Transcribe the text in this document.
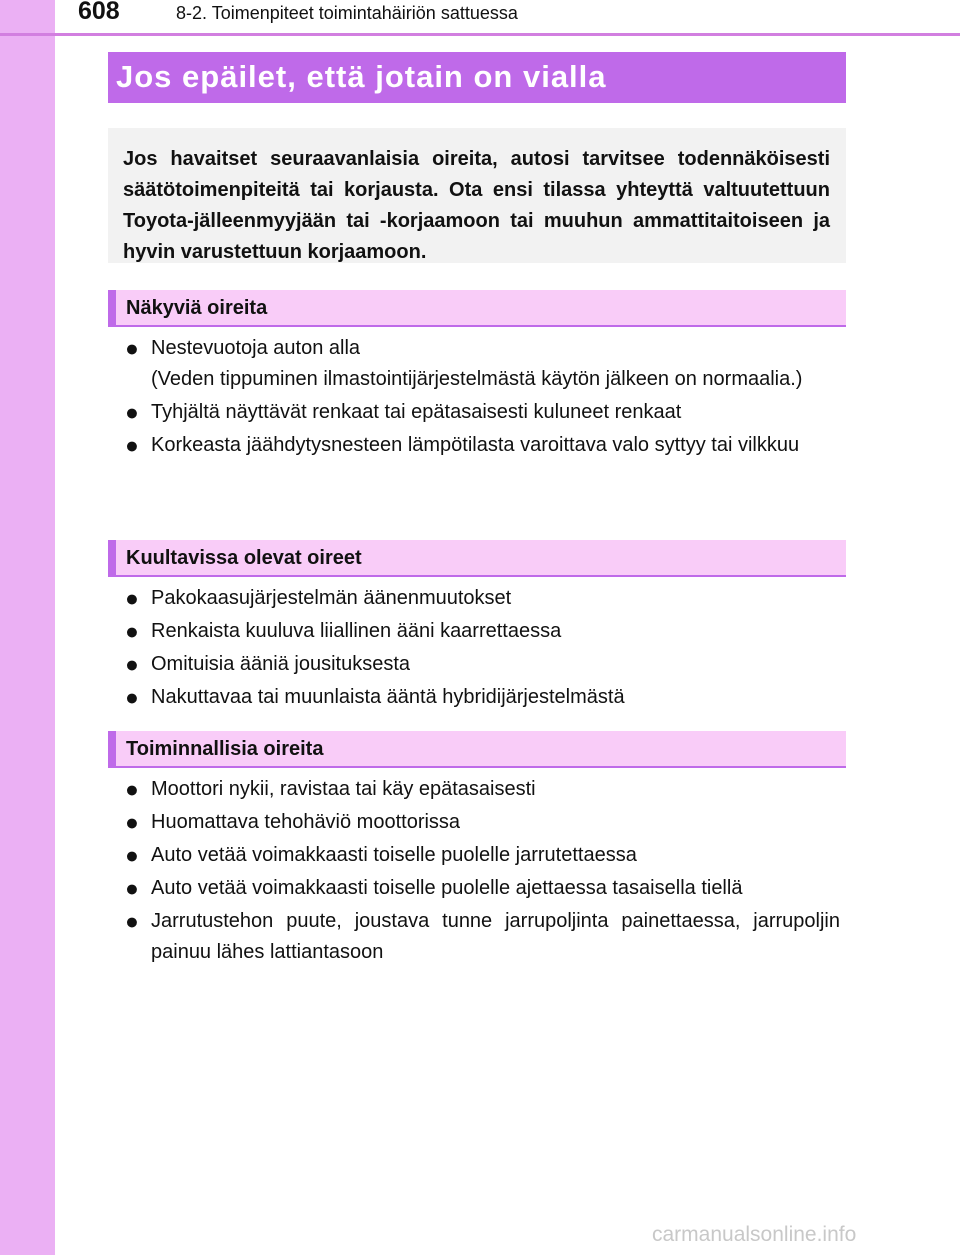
608	8-2. Toimenpiteet toimintahäiriön sattuessa
Jos epäilet, että jotain on vialla

Jos havaitset seuraavanlaisia oireita, autosi tarvitsee todennäköisesti säätötoimenpiteitä tai korjausta. Ota ensi tilassa yhteyttä valtuutettuun Toyota-jälleenmyyjään tai -korjaamoon tai muuhun ammattitaitoiseen ja hyvin varustettuun korjaamoon.

Näkyviä oireita
● Nestevuotoja auton alla
(Veden tippuminen ilmastointijärjestelmästä käytön jälkeen on normaalia.)
● Tyhjältä näyttävät renkaat tai epätasaisesti kuluneet renkaat
● Korkeasta jäähdytysnesteen lämpötilasta varoittava valo syttyy tai vilkkuu
Kuultavissa olevat oireet
● Pakokaasujärjestelmän äänenmuutokset
● Renkaista kuuluva liiallinen ääni kaarrettaessa
● Omituisia ääniä jousituksesta
● Nakuttavaa tai muunlaista ääntä hybridijärjestelmästä
Toiminnallisia oireita
● Moottori nykii, ravistaa tai käy epätasaisesti
● Huomattava tehohäviö moottorissa
● Auto vetää voimakkaasti toiselle puolelle jarrutettaessa
● Auto vetää voimakkaasti toiselle puolelle ajettaessa tasaisella tiellä
● Jarrutustehon puute, joustava tunne jarrupoljinta painettaessa, jarrupoljin painuu lähes lattiantasoon
carmanualsonline.info
